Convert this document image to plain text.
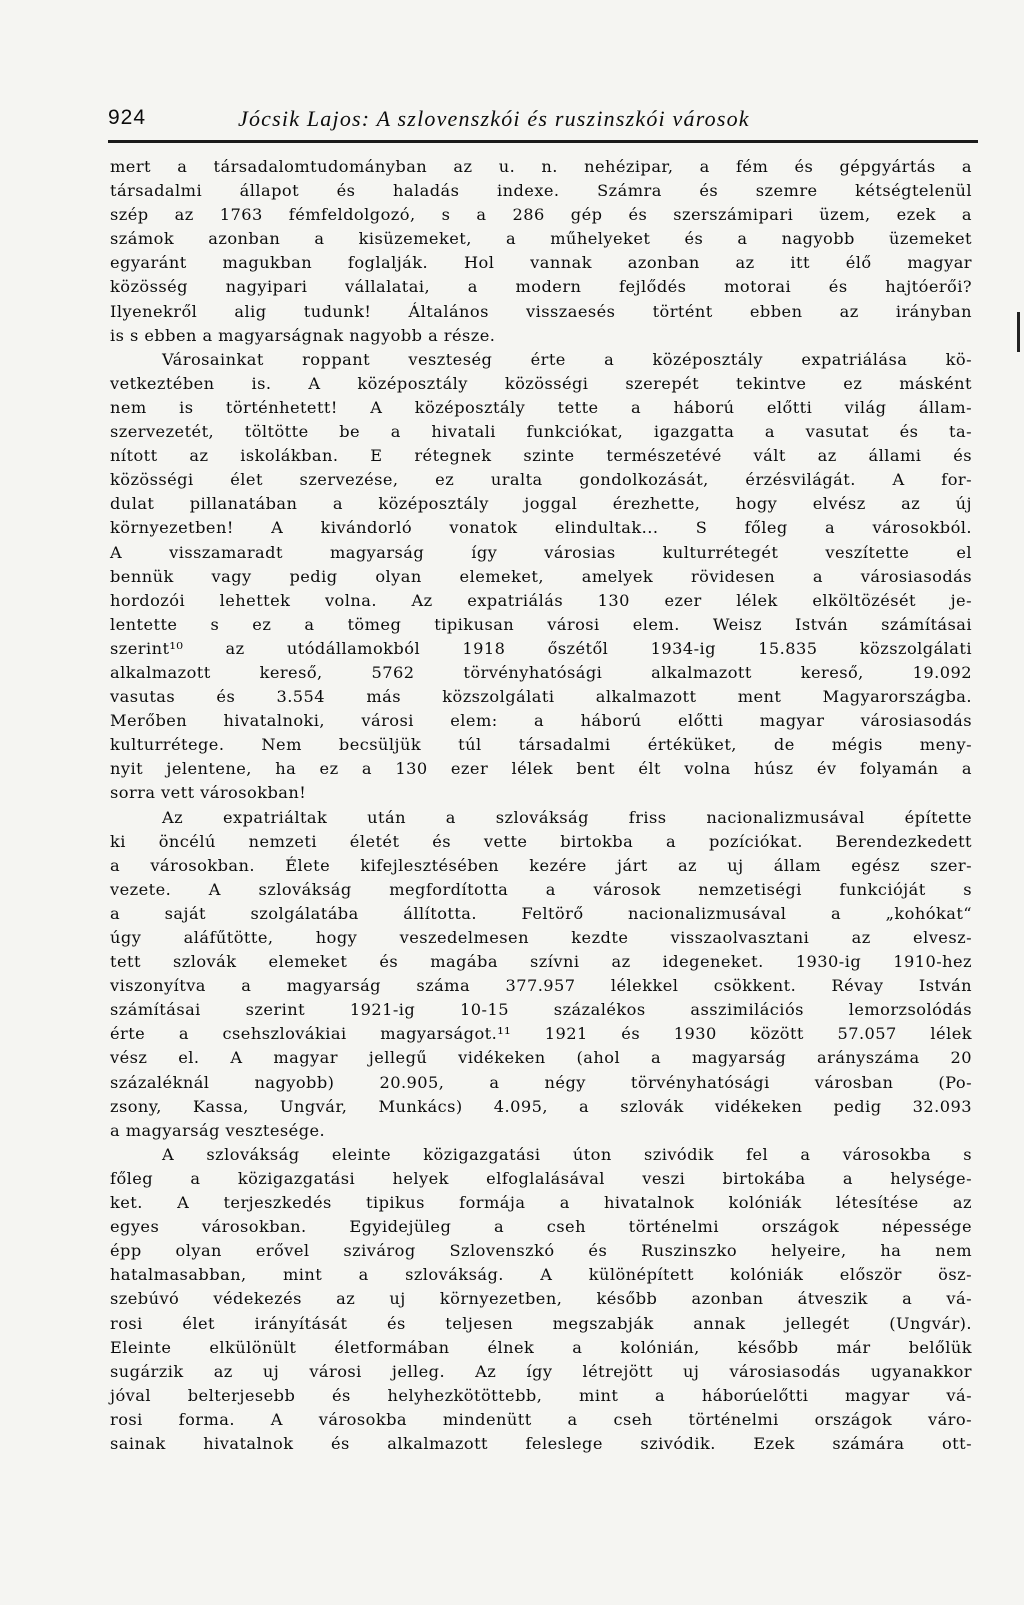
924	Jócsik Lajos: A szlovenszkói és ruszinszkói városok
mert a társadalomtudományban az u. n. nehézipar, a fém és gépgyártás a
társadalmi állapot és haladás indexe. Számra és szemre kétségtelenül
szép az 1763 fémfeldolgozó, s a 286 gép és szerszámipari üzem, ezek a
számok azonban a kisüzemeket, a műhelyeket és a nagyobb üzemeket
egyaránt magukban foglalják. Hol vannak azonban az itt élő magyar
közösség nagyipari vállalatai, a modern fejlődés motorai és hajtóerői?
Ilyenekről alig tudunk! Általános visszaesés történt ebben az irányban
is s ebben a magyarságnak nagyobb a része.
Városainkat roppant veszteség érte a középosztály expatriálása kö-
vetkeztében is. A középosztály közösségi szerepét tekintve ez másként
nem is történhetett! A középosztály tette a háború előtti világ állam-
szervezetét, töltötte be a hivatali funkciókat, igazgatta a vasutat és ta-
nított az iskolákban. E rétegnek szinte természetévé vált az állami és
közösségi élet szervezése, ez uralta gondolkozását, érzésvilágát. A for-
dulat pillanatában a középosztály joggal érezhette, hogy elvész az új
környezetben! A kivándorló vonatok elindultak... S főleg a városokból.
A visszamaradt magyarság így városias kulturrétegét veszítette el
bennük vagy pedig olyan elemeket, amelyek rövidesen a városiasodás
hordozói lehettek volna. Az expatriálás 130 ezer lélek elköltözését je-
lentette s ez a tömeg tipikusan városi elem. Weisz István számításai
szerint¹⁰ az utódállamokból 1918 őszétől 1934-ig 15.835 közszolgálati
alkalmazott kereső, 5762 törvényhatósági alkalmazott kereső, 19.092
vasutas és 3.554 más közszolgálati alkalmazott ment Magyarországba.
Merőben hivatalnoki, városi elem: a háború előtti magyar városiasodás
kulturrétege. Nem becsüljük túl társadalmi értéküket, de mégis meny-
nyit jelentene, ha ez a 130 ezer lélek bent élt volna húsz év folyamán a
sorra vett városokban!
Az expatriáltak után a szlovákság friss nacionalizmusával építette
ki öncélú nemzeti életét és vette birtokba a pozíciókat. Berendezkedett
a városokban. Élete kifejlesztésében kezére járt az uj állam egész szer-
vezete. A szlovákság megfordította a városok nemzetiségi funkcióját s
a saját szolgálatába állította. Feltörő nacionalizmusával a „kohókat“
úgy aláfűtötte, hogy veszedelmesen kezdte visszaolvasztani az elvesz-
tett szlovák elemeket és magába szívni az idegeneket. 1930-ig 1910-hez
viszonyítva a magyarság száma 377.957 lélekkel csökkent. Révay István
számításai szerint 1921-ig 10-15 százalékos asszimilációs lemorzsolódás
érte a csehszlovákiai magyarságot.¹¹ 1921 és 1930 között 57.057 lélek
vész el. A magyar jellegű vidékeken (ahol a magyarság arányszáma 20
százaléknál nagyobb) 20.905, a négy törvényhatósági városban (Po-
zsony, Kassa, Ungvár, Munkács) 4.095, a szlovák vidékeken pedig 32.093
a magyarság vesztesége.
A szlovákság eleinte közigazgatási úton szivódik fel a városokba s
főleg a közigazgatási helyek elfoglalásával veszi birtokába a helysége-
ket. A terjeszkedés tipikus formája a hivatalnok kolóniák létesítése az
egyes városokban. Egyidejüleg a cseh történelmi országok népessége
épp olyan erővel szivárog Szlovenszkó és Ruszinszko helyeire, ha nem
hatalmasabban, mint a szlovákság. A különépített kolóniák először ösz-
szebúvó védekezés az uj környezetben, később azonban átveszik a vá-
rosi élet irányítását és teljesen megszabják annak jellegét (Ungvár).
Eleinte elkülönült életformában élnek a kolónián, később már belőlük
sugárzik az uj városi jelleg. Az így létrejött uj városiasodás ugyanakkor
jóval belterjesebb és helyhezkötöttebb, mint a háborúelőtti magyar vá-
rosi forma. A városokba mindenütt a cseh történelmi országok váro-
sainak hivatalnok és alkalmazott feleslege szivódik. Ezek számára ott-
